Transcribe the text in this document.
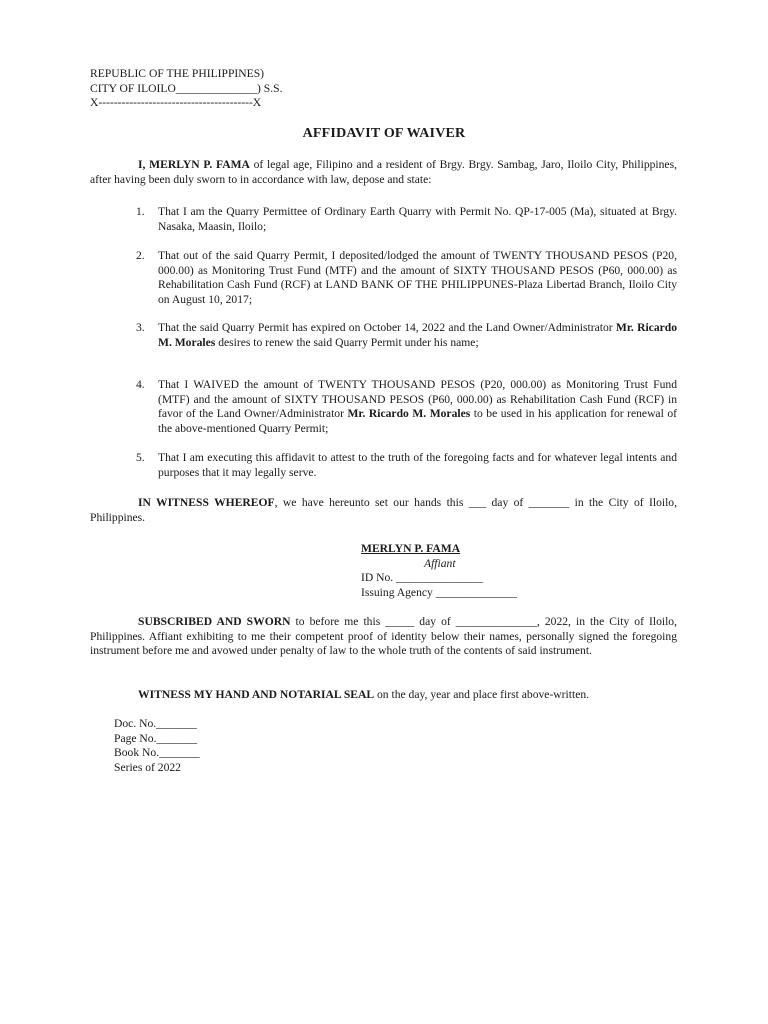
REPUBLIC OF THE PHILIPPINES)
CITY OF ILOILO______________) S.S.
X----------------------------------------X
AFFIDAVIT OF WAIVER
I, MERLYN P. FAMA of legal age, Filipino and a resident of Brgy. Brgy. Sambag, Jaro, Iloilo City, Philippines, after having been duly sworn to in accordance with law, depose and state:
1. That I am the Quarry Permittee of Ordinary Earth Quarry with Permit No. QP-17-005 (Ma), situated at Brgy. Nasaka, Maasin, Iloilo;
2. That out of the said Quarry Permit, I deposited/lodged the amount of TWENTY THOUSAND PESOS (P20, 000.00) as Monitoring Trust Fund (MTF) and the amount of SIXTY THOUSAND PESOS (P60, 000.00) as Rehabilitation Cash Fund (RCF) at LAND BANK OF THE PHILIPPUNES-Plaza Libertad Branch, Iloilo City on August 10, 2017;
3. That the said Quarry Permit has expired on October 14, 2022 and the Land Owner/Administrator Mr. Ricardo M. Morales desires to renew the said Quarry Permit under his name;
4. That I WAIVED the amount of TWENTY THOUSAND PESOS (P20, 000.00) as Monitoring Trust Fund (MTF) and the amount of SIXTY THOUSAND PESOS (P60, 000.00) as Rehabilitation Cash Fund (RCF) in favor of the Land Owner/Administrator Mr. Ricardo M. Morales to be used in his application for renewal of the above-mentioned Quarry Permit;
5. That I am executing this affidavit to attest to the truth of the foregoing facts and for whatever legal intents and purposes that it may legally serve.
IN WITNESS WHEREOF, we have hereunto set our hands this ___ day of _______ in the City of Iloilo, Philippines.
MERLYN P. FAMA
Affiant
ID No. _______________
Issuing Agency ______________
SUBSCRIBED AND SWORN to before me this _____ day of ______________, 2022, in the City of Iloilo, Philippines. Affiant exhibiting to me their competent proof of identity below their names, personally signed the foregoing instrument before me and avowed under penalty of law to the whole truth of the contents of said instrument.
WITNESS MY HAND AND NOTARIAL SEAL on the day, year and place first above-written.
Doc. No._______
Page No._______
Book No._______
Series of 2022
